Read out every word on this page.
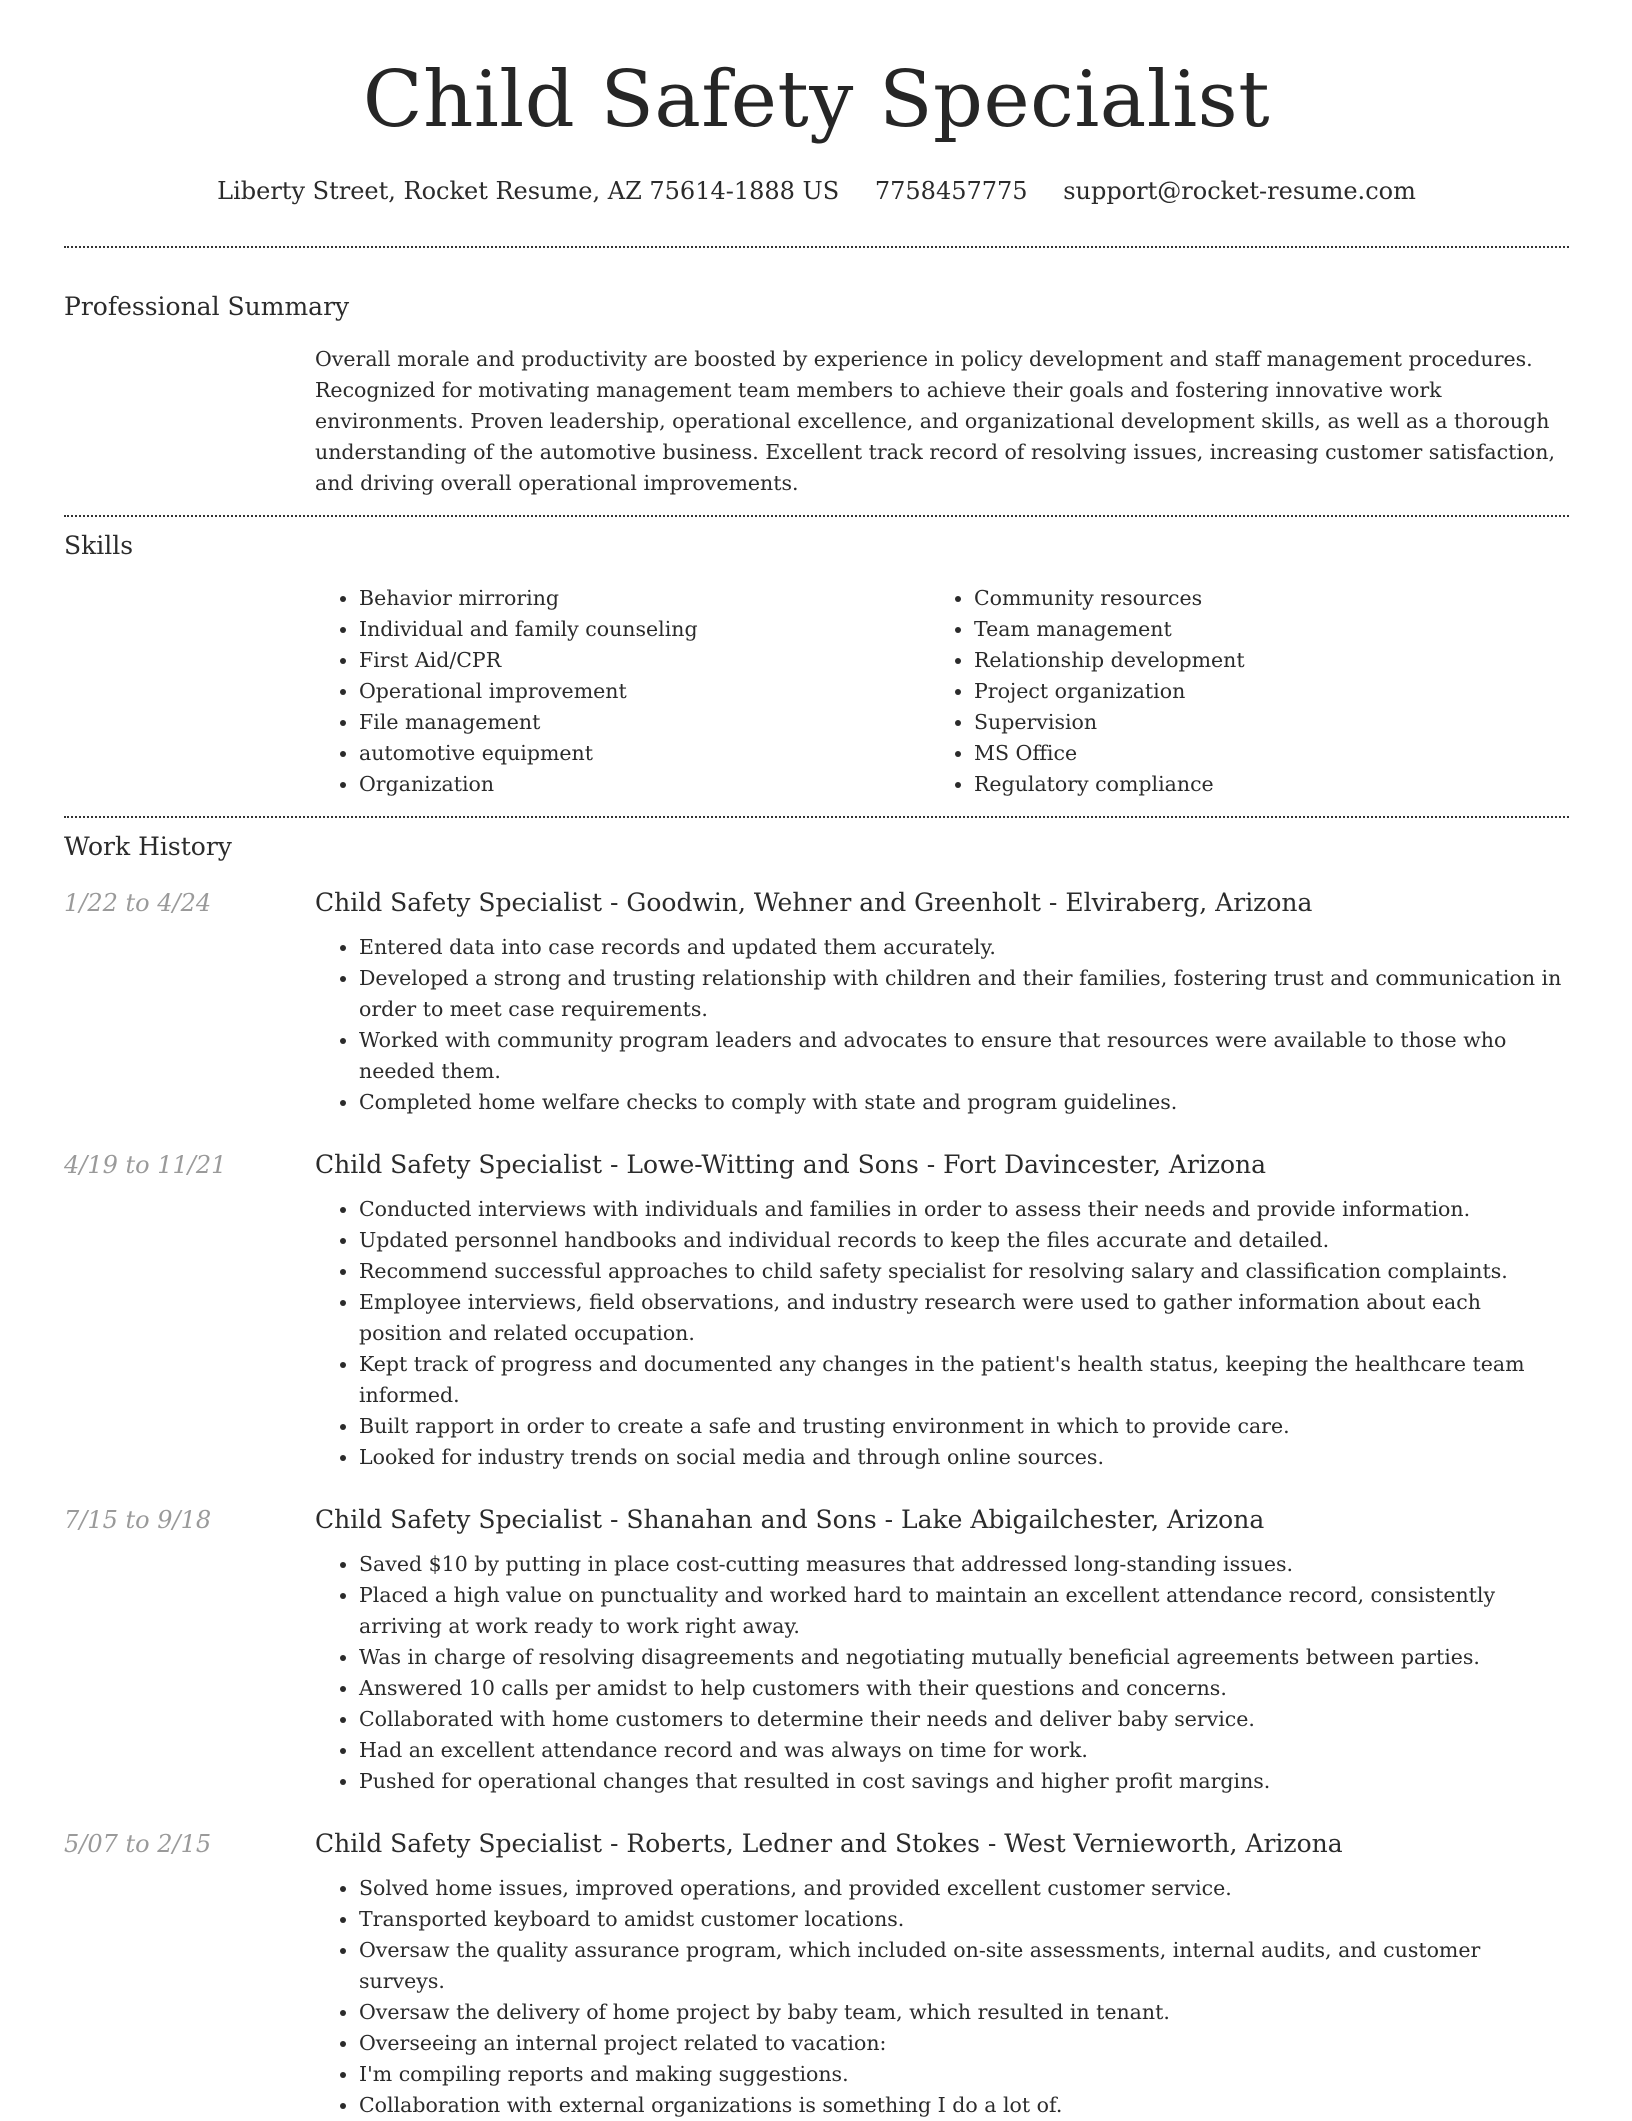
Child Safety Specialist
Liberty Street, Rocket Resume, AZ 75614-1888 US 7758457775 support@rocket-resume.com
Professional Summary
Overall morale and productivity are boosted by experience in policy development and staff management procedures. Recognized for motivating management team members to achieve their goals and fostering innovative work environments. Proven leadership, operational excellence, and organizational development skills, as well as a thorough understanding of the automotive business. Excellent track record of resolving issues, increasing customer satisfaction, and driving overall operational improvements.
Skills
• Behavior mirroring
• Individual and family counseling
• First Aid/CPR
• Operational improvement
• File management
• automotive equipment
• Organization
• Community resources
• Team management
• Relationship development
• Project organization
• Supervision
• MS Office
• Regulatory compliance
Work History
1/22 to 4/24	Child Safety Specialist - Goodwin, Wehner and Greenholt - Elviraberg, Arizona
• Entered data into case records and updated them accurately.
• Developed a strong and trusting relationship with children and their families, fostering trust and communication in order to meet case requirements.
• Worked with community program leaders and advocates to ensure that resources were available to those who needed them.
• Completed home welfare checks to comply with state and program guidelines.
4/19 to 11/21	Child Safety Specialist - Lowe-Witting and Sons - Fort Davincester, Arizona
• Conducted interviews with individuals and families in order to assess their needs and provide information.
• Updated personnel handbooks and individual records to keep the files accurate and detailed.
• Recommend successful approaches to child safety specialist for resolving salary and classification complaints.
• Employee interviews, field observations, and industry research were used to gather information about each position and related occupation.
• Kept track of progress and documented any changes in the patient's health status, keeping the healthcare team informed.
• Built rapport in order to create a safe and trusting environment in which to provide care.
• Looked for industry trends on social media and through online sources.
7/15 to 9/18	Child Safety Specialist - Shanahan and Sons - Lake Abigailchester, Arizona
• Saved $10 by putting in place cost-cutting measures that addressed long-standing issues.
• Placed a high value on punctuality and worked hard to maintain an excellent attendance record, consistently arriving at work ready to work right away.
• Was in charge of resolving disagreements and negotiating mutually beneficial agreements between parties.
• Answered 10 calls per amidst to help customers with their questions and concerns.
• Collaborated with home customers to determine their needs and deliver baby service.
• Had an excellent attendance record and was always on time for work.
• Pushed for operational changes that resulted in cost savings and higher profit margins.
5/07 to 2/15	Child Safety Specialist - Roberts, Ledner and Stokes - West Vernieworth, Arizona
• Solved home issues, improved operations, and provided excellent customer service.
• Transported keyboard to amidst customer locations.
• Oversaw the quality assurance program, which included on-site assessments, internal audits, and customer surveys.
• Oversaw the delivery of home project by baby team, which resulted in tenant.
• Overseeing an internal project related to vacation:
• I'm compiling reports and making suggestions.
• Collaboration with external organizations is something I do a lot of.
